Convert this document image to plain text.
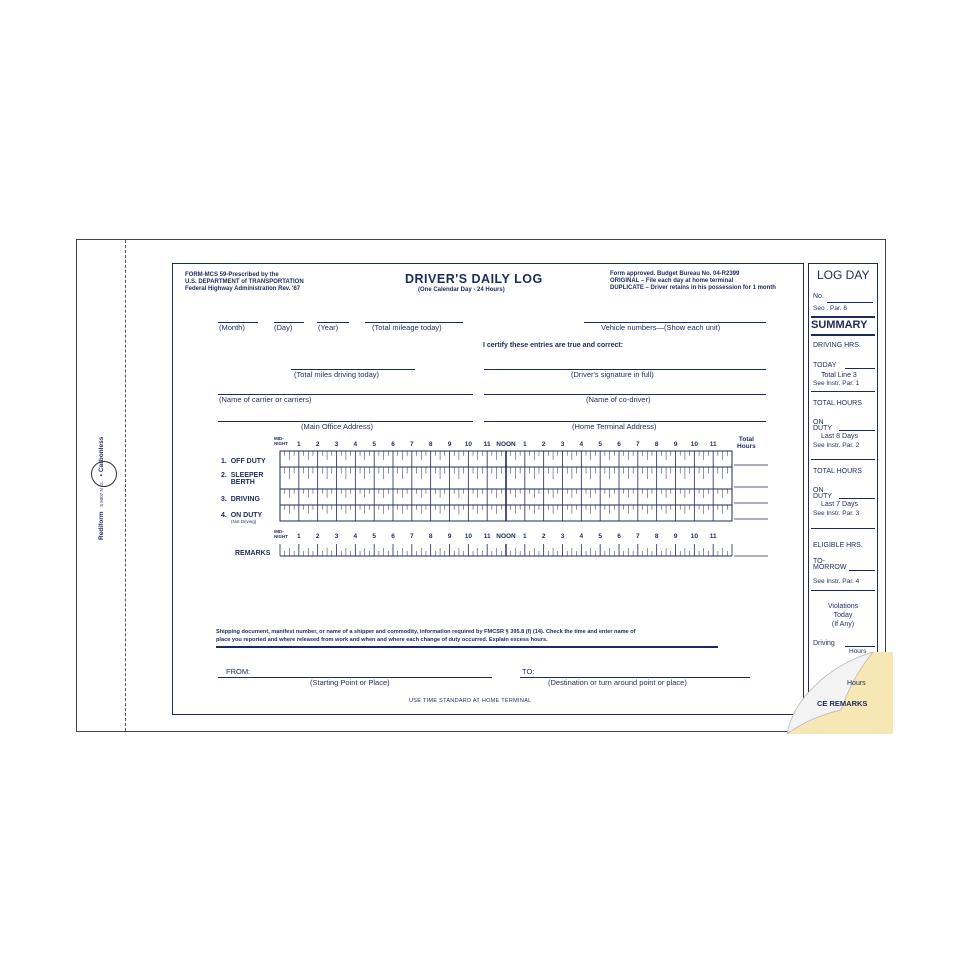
FORM-MCS 59-Prescribed by the
U.S. DEPARTMENT of TRANSPORTATION
Federal Highway Administration Rev. '67
DRIVER'S DAILY LOG
(One Calendar Day - 24 Hours)
Form approved. Budget Bureau No. 04-R2399
ORIGINAL – File each day at home terminal
DUPLICATE – Driver retains in his possession for 1 month
(Month)	(Day)	(Year)	(Total mileage today)	Vehicle numbers—(Show each unit)
I certify these entries are true and correct:
(Total miles driving today)	(Driver's signature in full)
(Name of carrier or carriers)	(Name of co-driver)
(Main Office Address)	(Home Terminal Address)
MID-
NIGHT 1 2 3 4 5 6 7 8 9 10 11 NOON 1 2 3 4 5 6 7 8 9 10 11
Total
Hours
1.  OFF DUTY
2.  SLEEPER
BERTH
3.  DRIVING
4.  ON DUTY
(Not Driving)
MID-
NIGHT 1 2 3 4 5 6 7 8 9 10 11 NOON 1 2 3 4 5 6 7 8 9 10 11
REMARKS
Shipping document, manifest number, or name of a shipper and commodity, information required by FMCSR § 395.8 (f) (14). Check the time and enter name of
place you reported and where released from work and when and where each change of duty occurred. Explain excess hours.
FROM:
(Starting Point or Place)
TO:
(Destination or turn around point or place)
USE TIME STANDARD AT HOME TERMINAL
LOG DAY
No.
Seo . Par. 6
SUMMARY
DRIVING HRS.
TODAY
Total Line 3
See Instr. Par. 1
TOTAL HOURS
ON
DUTY
Last 8 Days
See Instr. Par. 2
TOTAL HOURS
ON
DUTY
Last 7 Days
See Instr. Par. 3
ELIGIBLE HRS.
TO-
MORROW
See Instr. Par. 4
Violations
Today
(If Any)
Driving
Hours
Rediform5 5007 N CL• Carbonless
Hours
CE REMARKS
